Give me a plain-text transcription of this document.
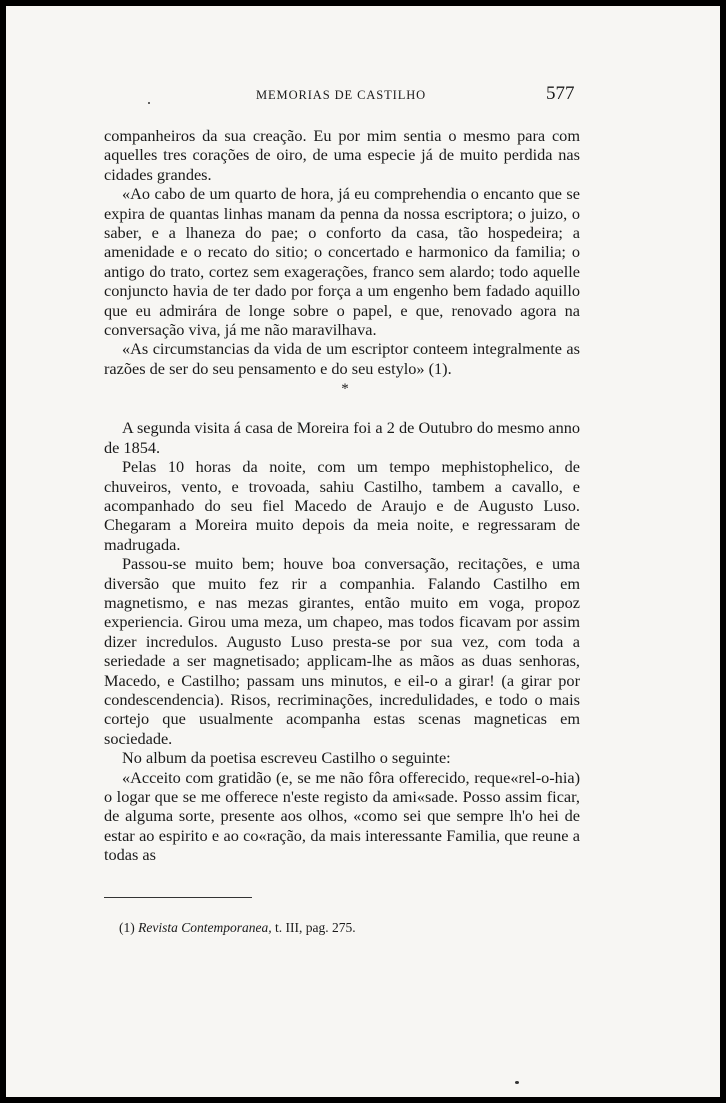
MEMORIAS DE CASTILHO	577

companheiros da sua creação. Eu por mim sentia o mesmo para com aquelles tres corações de oiro, de uma especie já de muito perdida nas cidades grandes.

«Ao cabo de um quarto de hora, já eu comprehendia o encanto que se expira de quantas linhas manam da penna da nossa escriptora; o juizo, o saber, e a lhaneza do pae; o conforto da casa, tão hospedeira; a amenidade e o recato do sitio; o concertado e harmonico da familia; o antigo do trato, cortez sem exagerações, franco sem alardo; todo aquelle conjuncto havia de ter dado por força a um engenho bem fadado aquillo que eu admirára de longe sobre o papel, e que, renovado agora na conversação viva, já me não maravilhava.

«As circumstancias da vida de um escriptor conteem integralmente as razões de ser do seu pensamento e do seu estylo» (1).

*

A segunda visita á casa de Moreira foi a 2 de Outubro do mesmo anno de 1854.

Pelas 10 horas da noite, com um tempo mephistophelico, de chuveiros, vento, e trovoada, sahiu Castilho, tambem a cavallo, e acompanhado do seu fiel Macedo de Araujo e de Augusto Luso. Chegaram a Moreira muito depois da meia noite, e regressaram de madrugada.

Passou-se muito bem; houve boa conversação, recitações, e uma diversão que muito fez rir a companhia. Falando Castilho em magnetismo, e nas mezas girantes, então muito em voga, propoz experiencia. Girou uma meza, um chapeo, mas todos ficavam por assim dizer incredulos. Augusto Luso presta-se por sua vez, com toda a seriedade a ser magnetisado; applicam-lhe as mãos as duas senhoras, Macedo, e Castilho; passam uns minutos, e eil-o a girar! (a girar por condescendencia). Risos, recriminações, incredulidades, e todo o mais cortejo que usualmente acompanha estas scenas magneticas em sociedade.

No album da poetisa escreveu Castilho o seguinte:

«Acceito com gratidão (e, se me não fôra offerecido, reque«rel-o-hia) o logar que se me offerece n'este registo da ami«sade. Posso assim ficar, de alguma sorte, presente aos olhos, «como sei que sempre lh'o hei de estar ao espirito e ao co«ração, da mais interessante Familia, que reune a todas as

(1) Revista Contemporanea, t. III, pag. 275.
